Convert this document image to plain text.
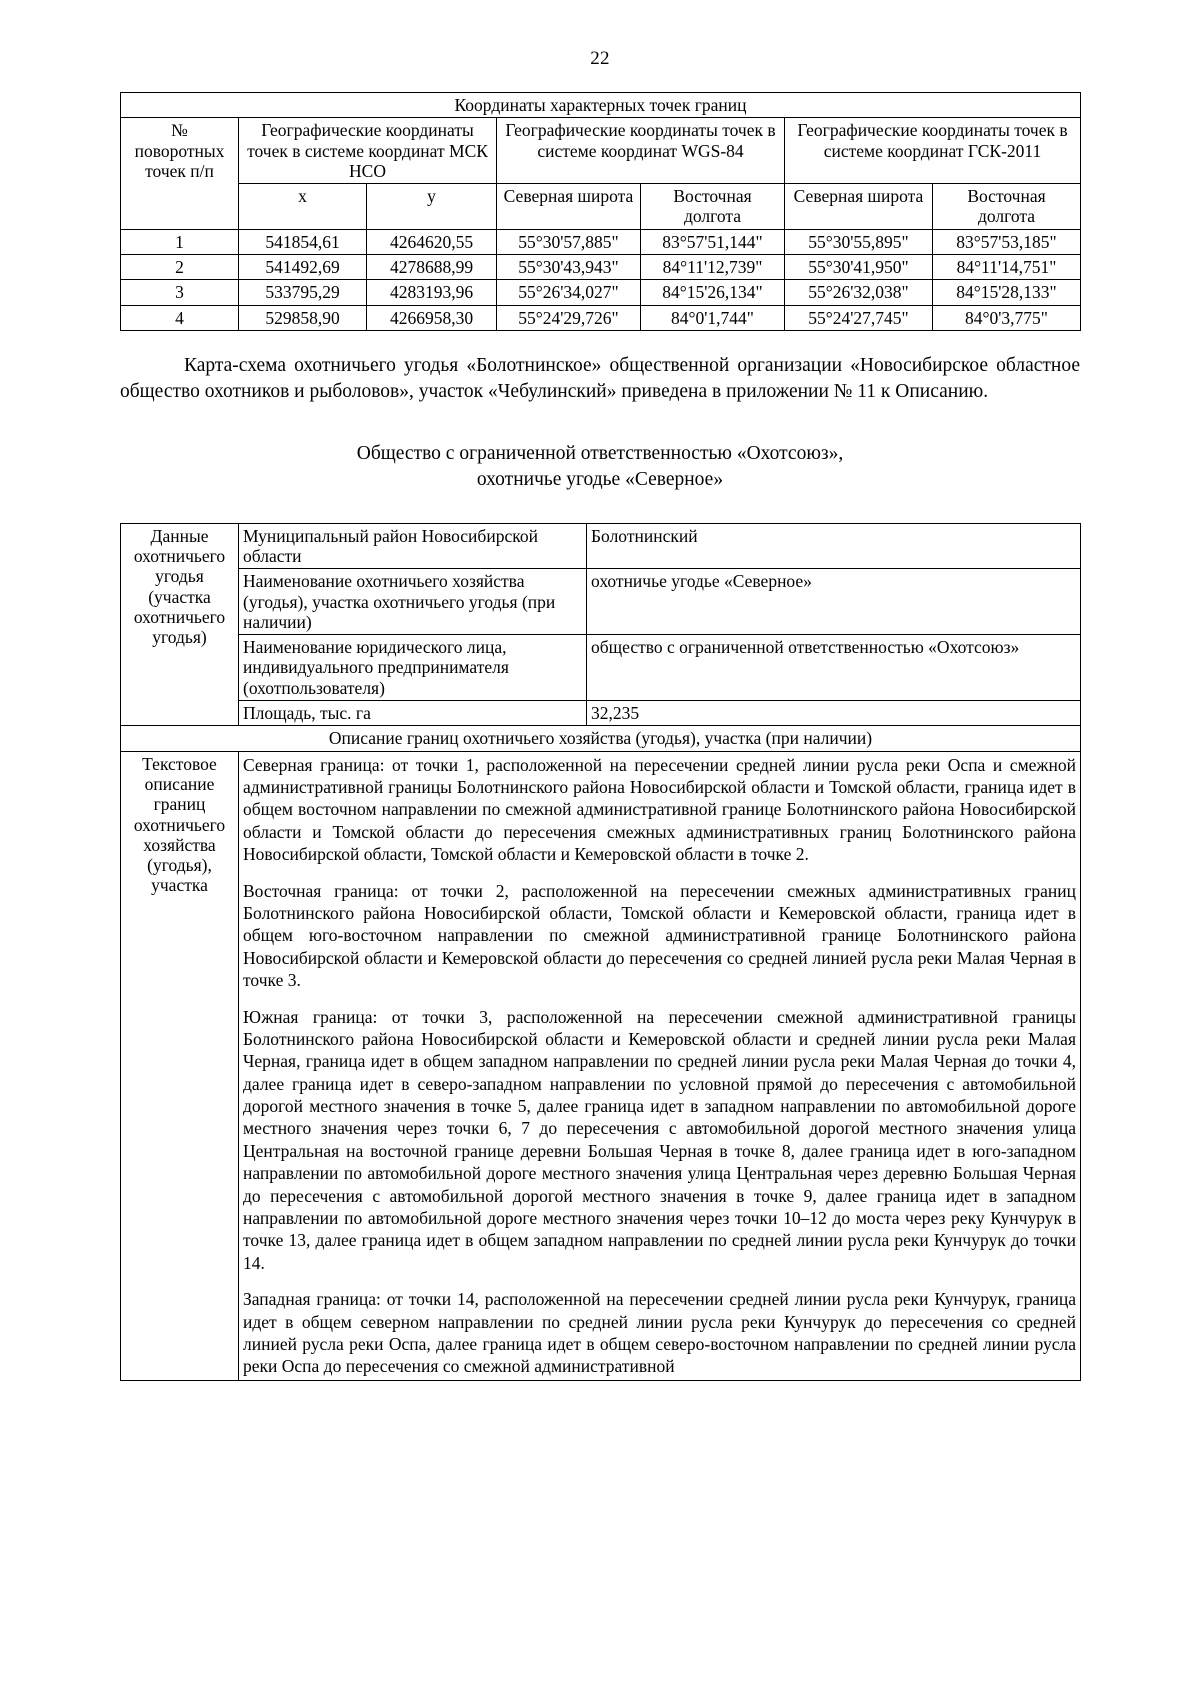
22
Координаты характерных точек границ						
№ поворотных точек п/п	Географические координаты точек в системе координат МСК НСО		Географические координаты точек в системе координат WGS-84		Географические координаты точек в системе координат ГСК-2011	
	x	y	Северная широта	Восточная долгота	Северная широта	Восточная долгота
1	541854,61	4264620,55	55°30'57,885"	83°57'51,144"	55°30'55,895"	83°57'53,185"
2	541492,69	4278688,99	55°30'43,943"	84°11'12,739"	55°30'41,950"	84°11'14,751"
3	533795,29	4283193,96	55°26'34,027"	84°15'26,134"	55°26'32,038"	84°15'28,133"
4	529858,90	4266958,30	55°24'29,726"	84°0'1,744"	55°24'27,745"	84°0'3,775"

Карта-схема охотничьего угодья «Болотнинское» общественной организации «Новосибирское областное общество охотников и рыболовов», участок «Чебулинский» приведена в приложении № 11 к Описанию.

Общество с ограниченной ответственностью «Охотсоюз»,
охотничье угодье «Северное»
Данные охотничьего угодья (участка охотничьего угодья)	Муниципальный район Новосибирской области	Болотнинский
	Наименование охотничьего хозяйства (угодья), участка охотничьего угодья (при наличии)	охотничье угодье «Северное»
	Наименование юридического лица, индивидуального предпринимателя (охотпользователя)	общество с ограниченной ответственностью «Охотсоюз»
	Площадь, тыс. га	32,235
Описание границ охотничьего хозяйства (угодья), участка (при наличии)		
Текстовое описание границ охотничьего хозяйства (угодья), участка	Северная граница: от точки 1, расположенной на пересечении средней линии русла реки Оспа и смежной административной границы Болотнинского района Новосибирской области и Томской области, граница идет в общем восточном направлении по смежной административной границе Болотнинского района Новосибирской области и Томской области до пересечения смежных административных границ Болотнинского района Новосибирской области, Томской области и Кемеровской области в точке 2.

Восточная граница: от точки 2, расположенной на пересечении смежных административных границ Болотнинского района Новосибирской области, Томской области и Кемеровской области, граница идет в общем юго-восточном направлении по смежной административной границе Болотнинского района Новосибирской области и Кемеровской области до пересечения со средней линией русла реки Малая Черная в точке 3.

Южная граница: от точки 3, расположенной на пересечении смежной административной границы Болотнинского района Новосибирской области и Кемеровской области и средней линии русла реки Малая Черная, граница идет в общем западном направлении по средней линии русла реки Малая Черная до точки 4, далее граница идет в северо-западном направлении по условной прямой до пересечения с автомобильной дорогой местного значения в точке 5, далее граница идет в западном направлении по автомобильной дороге местного значения через точки 6, 7 до пересечения с автомобильной дорогой местного значения улица Центральная на восточной границе деревни Большая Черная в точке 8, далее граница идет в юго-западном направлении по автомобильной дороге местного значения улица Центральная через деревню Большая Черная до пересечения с автомобильной дорогой местного значения в точке 9, далее граница идет в западном направлении по автомобильной дороге местного значения через точки 10–12 до моста через реку Кунчурук в точке 13, далее граница идет в общем западном направлении по средней линии русла реки Кунчурук до точки 14.

Западная граница: от точки 14, расположенной на пересечении средней линии русла реки Кунчурук, граница идет в общем северном направлении по средней линии русла реки Кунчурук до пересечения со средней линией русла реки Оспа, далее граница идет в общем северо-восточном направлении по средней линии русла реки Оспа до пересечения со смежной административной	
